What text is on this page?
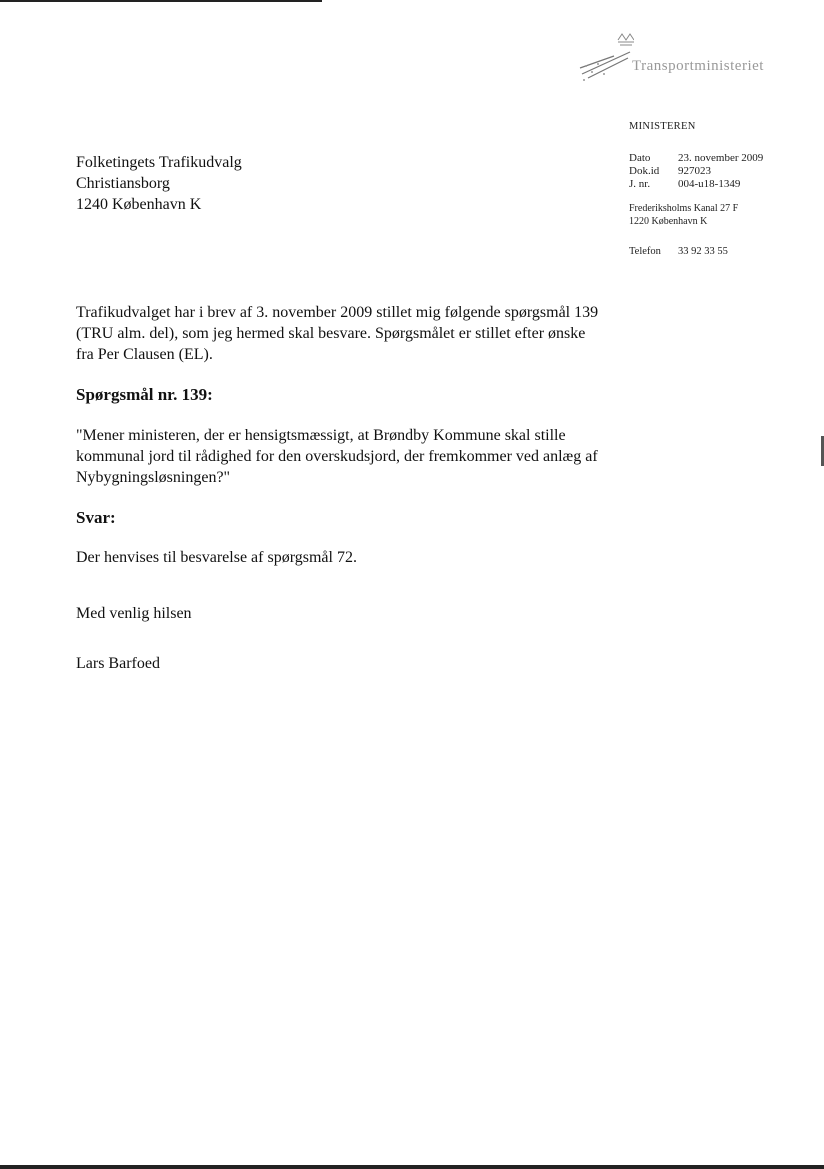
Transportministeriet
MINISTEREN
Dato	23. november 2009
Dok.id	927023
J. nr.	004-u18-1349
Frederiksholms Kanal 27 F
1220 København K
Telefon	33 92 33 55
Folketingets Trafikudvalg
Christiansborg
1240 København K

Trafikudvalget har i brev af 3. november 2009 stillet mig følgende spørgsmål 139 (TRU alm. del), som jeg hermed skal besvare. Spørgsmålet er stillet efter ønske fra Per Clausen (EL).

Spørgsmål nr. 139:

"Mener ministeren, der er hensigtsmæssigt, at Brøndby Kommune skal stille kommunal jord til rådighed for den overskudsjord, der fremkommer ved anlæg af Nybygningsløsningen?"

Svar:

Der henvises til besvarelse af spørgsmål 72.

Med venlig hilsen

Lars Barfoed
